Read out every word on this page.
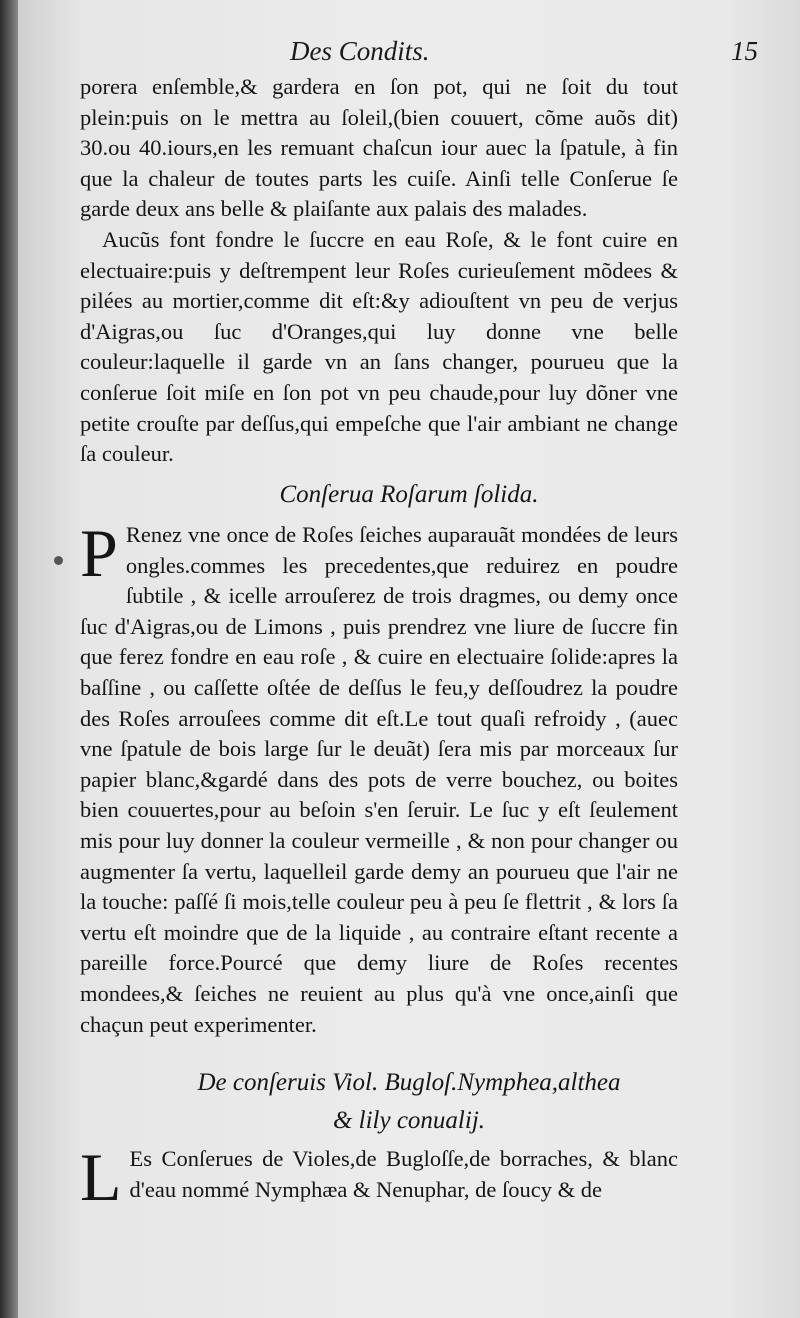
Des Condits.	15

porera enſemble,& gardera en ſon pot, qui ne ſoit du tout plein:puis on le mettra au ſoleil,(bien couuert, cõme auõs dit) 30.ou 40.iours,en les remuant chaſcun iour auec la ſpatule, à fin que la chaleur de toutes parts les cuiſe. Ainſi telle Conſerue ſe garde deux ans belle & plaiſante aux palais des malades.

Aucũs font fondre le ſuccre en eau Roſe, & le font cuire en electuaire:puis y deſtrempent leur Roſes curieuſement mõdees & pilées au mortier,comme dit eſt:&y adiouſtent vn peu de verjus d'Aigras,ou ſuc d'Oranges,qui luy donne vne belle couleur:laquelle il garde vn an ſans changer, pourueu que la conſerue ſoit miſe en ſon pot vn peu chaude,pour luy dõner vne petite crouſte par deſſus,qui empeſche que l'air ambiant ne change ſa couleur.

Conſerua Roſarum ſolida.
P Renez vne once de Roſes ſeiches auparauãt mondées de leurs ongles.commes les precedentes,que reduirez en poudre ſubtile , & icelle arrouſerez de trois dragmes, ou demy once ſuc d'Aigras,ou de Limons , puis prendrez vne liure de ſuccre fin que ferez fondre en eau roſe , & cuire en electuaire ſolide:apres la baſſine , ou caſſette oſtée de deſſus le feu,y deſſoudrez la poudre des Roſes arrouſees comme dit eſt.Le tout quaſi refroidy , (auec vne ſpatule de bois large ſur le deuãt) ſera mis par morceaux ſur papier blanc,&gardé dans des pots de verre bouchez, ou boites bien couuertes,pour au beſoin s'en ſeruir. Le ſuc y eſt ſeulement mis pour luy donner la couleur vermeille , & non pour changer ou augmenter ſa vertu, laquelleil garde demy an pourueu que l'air ne la touche: paſſé ſi mois,telle couleur peu à peu ſe flettrit , & lors ſa vertu eſt moindre que de la liquide , au contraire eſtant recente a pareille force.Pourcé que demy liure de Roſes recentes mondees,& ſeiches ne reuient au plus qu'à vne once,ainſi que chaçun peut experimenter.

De conſeruis Viol. Bugloſ.Nymphea,althea
& lily conualij.
L Es Conſerues de Violes,de Bugloſſe,de borraches, & blanc d'eau nommé Nymphæa & Nenuphar, de ſoucy & de
